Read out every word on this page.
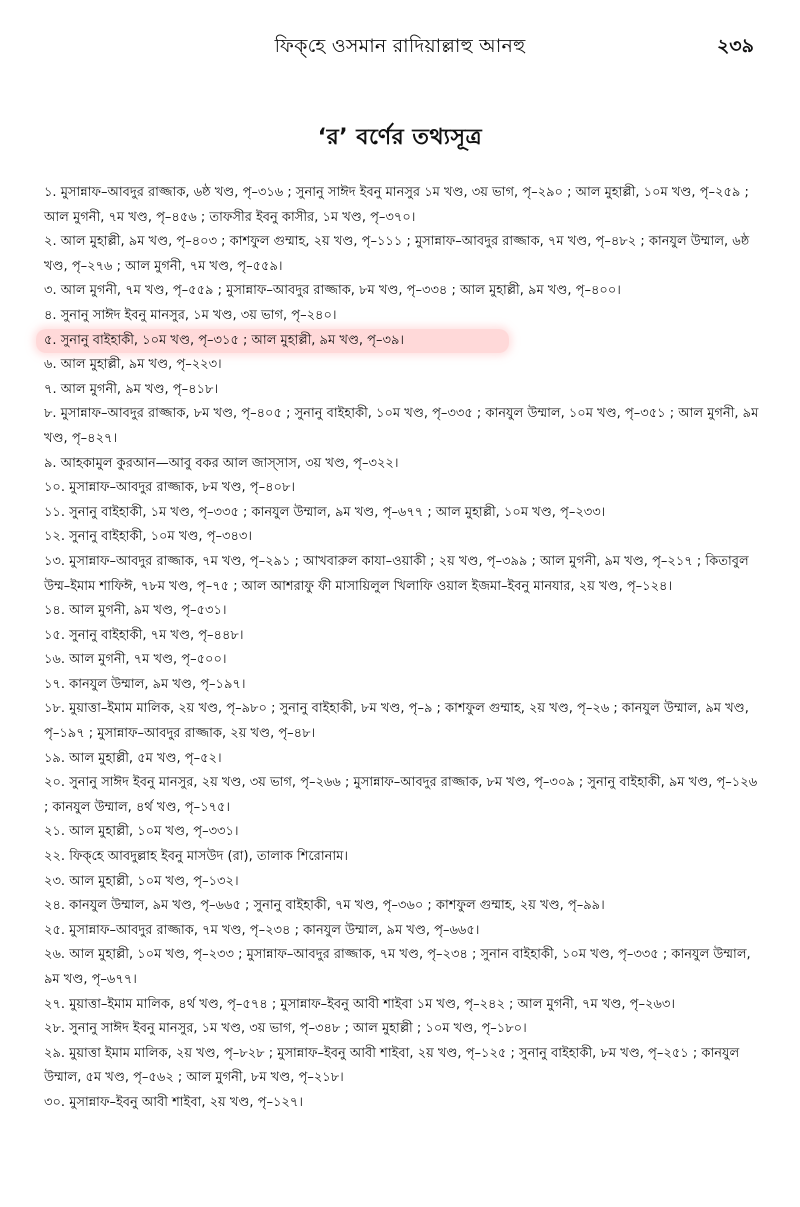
ফিক্‌হে ওসমান রাদিয়াল্লাহু আনহু	২৩৯
‘র’ বর্ণের তথ্যসূত্র
১. মুসান্নাফ–আবদুর রাজ্জাক, ৬ষ্ঠ খণ্ড, পৃ–৩১৬ ; সুনানু সাঈদ ইবনু মানসুর ১ম খণ্ড, ৩য় ভাগ, পৃ–২৯০ ; আল মুহাল্লী, ১০ম খণ্ড, পৃ–২৫৯ ; আল মুগনী, ৭ম খণ্ড, পৃ–৪৫৬ ; তাফসীর ইবনু কাসীর, ১ম খণ্ড, পৃ–৩৭০।
২. আল মুহাল্লী, ৯ম খণ্ড, পৃ–৪০৩ ; কাশফুল গুম্মাহ, ২য় খণ্ড, পৃ–১১১ ; মুসান্নাফ–আবদুর রাজ্জাক, ৭ম খণ্ড, পৃ–৪৮২ ; কানযুল উম্মাল, ৬ষ্ঠ খণ্ড, পৃ–২৭৬ ; আল মুগনী, ৭ম খণ্ড, পৃ–৫৫৯।
৩. আল মুগনী, ৭ম খণ্ড, পৃ–৫৫৯ ; মুসান্নাফ–আবদুর রাজ্জাক, ৮ম খণ্ড, পৃ–৩৩৪ ; আল মুহাল্লী, ৯ম খণ্ড, পৃ–৪০০।
৪. সুনানু সাঈদ ইবনু মানসুর, ১ম খণ্ড, ৩য় ভাগ, পৃ–২৪০।
৫. সুনানু বাইহাকী, ১০ম খণ্ড, পৃ–৩১৫ ; আল মুহাল্লী, ৯ম খণ্ড, পৃ–৩৯।
৬. আল মুহাল্লী, ৯ম খণ্ড, পৃ–২২৩।
৭. আল মুগনী, ৯ম খণ্ড, পৃ–৪১৮।
৮. মুসান্নাফ–আবদুর রাজ্জাক, ৮ম খণ্ড, পৃ–৪০৫ ; সুনানু বাইহাকী, ১০ম খণ্ড, পৃ–৩৩৫ ; কানযুল উম্মাল, ১০ম খণ্ড, পৃ–৩৫১ ; আল মুগনী, ৯ম খণ্ড, পৃ–৪২৭।
৯. আহকামুল কুরআন—আবু বকর আল জাস্‌সাস, ৩য় খণ্ড, পৃ–৩২২।
১০. মুসান্নাফ–আবদুর রাজ্জাক, ৮ম খণ্ড, পৃ–৪০৮।
১১. সুনানু বাইহাকী, ১ম খণ্ড, পৃ–৩৩৫ ; কানযুল উম্মাল, ৯ম খণ্ড, পৃ–৬৭৭ ; আল মুহাল্লী, ১০ম খণ্ড, পৃ–২৩৩।
১২. সুনানু বাইহাকী, ১০ম খণ্ড, পৃ–৩৪৩।
১৩. মুসান্নাফ–আবদুর রাজ্জাক, ৭ম খণ্ড, পৃ–২৯১ ; আখবারুল কাযা–ওয়াকী ; ২য় খণ্ড, পৃ–৩৯৯ ; আল মুগনী, ৯ম খণ্ড, পৃ–২১৭ ; কিতাবুল উম্ম–ইমাম শাফিঈ, ৭৮ম খণ্ড, পৃ–৭৫ ; আল আশরাফু ফী মাসায়িলুল খিলাফি ওয়াল ইজমা–ইবনু মানযার, ২য় খণ্ড, পৃ–১২৪।
১৪. আল মুগনী, ৯ম খণ্ড, পৃ–৫৩১।
১৫. সুনানু বাইহাকী, ৭ম খণ্ড, পৃ–৪৪৮।
১৬. আল মুগনী, ৭ম খণ্ড, পৃ–৫০০।
১৭. কানযুল উম্মাল, ৯ম খণ্ড, পৃ–১৯৭।
১৮. মুয়াত্তা–ইমাম মালিক, ২য় খণ্ড, পৃ–৯৮০ ; সুনানু বাইহাকী, ৮ম খণ্ড, পৃ–৯ ; কাশফুল গুম্মাহ, ২য় খণ্ড, পৃ–২৬ ; কানযুল উম্মাল, ৯ম খণ্ড, পৃ–১৯৭ ; মুসান্নাফ–আবদুর রাজ্জাক, ২য় খণ্ড, পৃ–৪৮।
১৯. আল মুহাল্লী, ৫ম খণ্ড, পৃ–৫২।
২০. সুনানু সাঈদ ইবনু মানসুর, ২য় খণ্ড, ৩য় ভাগ, পৃ–২৬৬ ; মুসান্নাফ–আবদুর রাজ্জাক, ৮ম খণ্ড, পৃ–৩০৯ ; সুনানু বাইহাকী, ৯ম খণ্ড, পৃ–১২৬ ; কানযুল উম্মাল, ৪র্থ খণ্ড, পৃ–১৭৫।
২১. আল মুহাল্লী, ১০ম খণ্ড, পৃ–৩৩১।
২২. ফিক্‌হে আবদুল্লাহ ইবনু মাসউদ (রা), তালাক শিরোনাম।
২৩. আল মুহাল্লী, ১০ম খণ্ড, পৃ–১৩২।
২৪. কানযুল উম্মাল, ৯ম খণ্ড, পৃ–৬৬৫ ; সুনানু বাইহাকী, ৭ম খণ্ড, পৃ–৩৬০ ; কাশফুল গুম্মাহ, ২য় খণ্ড, পৃ–৯৯।
২৫. মুসান্নাফ–আবদুর রাজ্জাক, ৭ম খণ্ড, পৃ–২৩৪ ; কানযুল উম্মাল, ৯ম খণ্ড, পৃ–৬৬৫।
২৬. আল মুহাল্লী, ১০ম খণ্ড, পৃ–২৩৩ ; মুসান্নাফ–আবদুর রাজ্জাক, ৭ম খণ্ড, পৃ–২৩৪ ; সুনান বাইহাকী, ১০ম খণ্ড, পৃ–৩৩৫ ; কানযুল উম্মাল, ৯ম খণ্ড, পৃ–৬৭৭।
২৭. মুয়াত্তা–ইমাম মালিক, ৪র্থ খণ্ড, পৃ–৫৭৪ ; মুসান্নাফ–ইবনু আবী শাইবা ১ম খণ্ড, পৃ–২৪২ ; আল মুগনী, ৭ম খণ্ড, পৃ–২৬৩।
২৮. সুনানু সাঈদ ইবনু মানসুর, ১ম খণ্ড, ৩য় ভাগ, পৃ–৩৪৮ ; আল মুহাল্লী ; ১০ম খণ্ড, পৃ–১৮০।
২৯. মুয়াত্তা ইমাম মালিক, ২য় খণ্ড, পৃ–৮২৮ ; মুসান্নাফ–ইবনু আবী শাইবা, ২য় খণ্ড, পৃ–১২৫ ; সুনানু বাইহাকী, ৮ম খণ্ড, পৃ–২৫১ ; কানযুল উম্মাল, ৫ম খণ্ড, পৃ–৫৬২ ; আল মুগনী, ৮ম খণ্ড, পৃ–২১৮।
৩০. মুসান্নাফ–ইবনু আবী শাইবা, ২য় খণ্ড, পৃ–১২৭।
